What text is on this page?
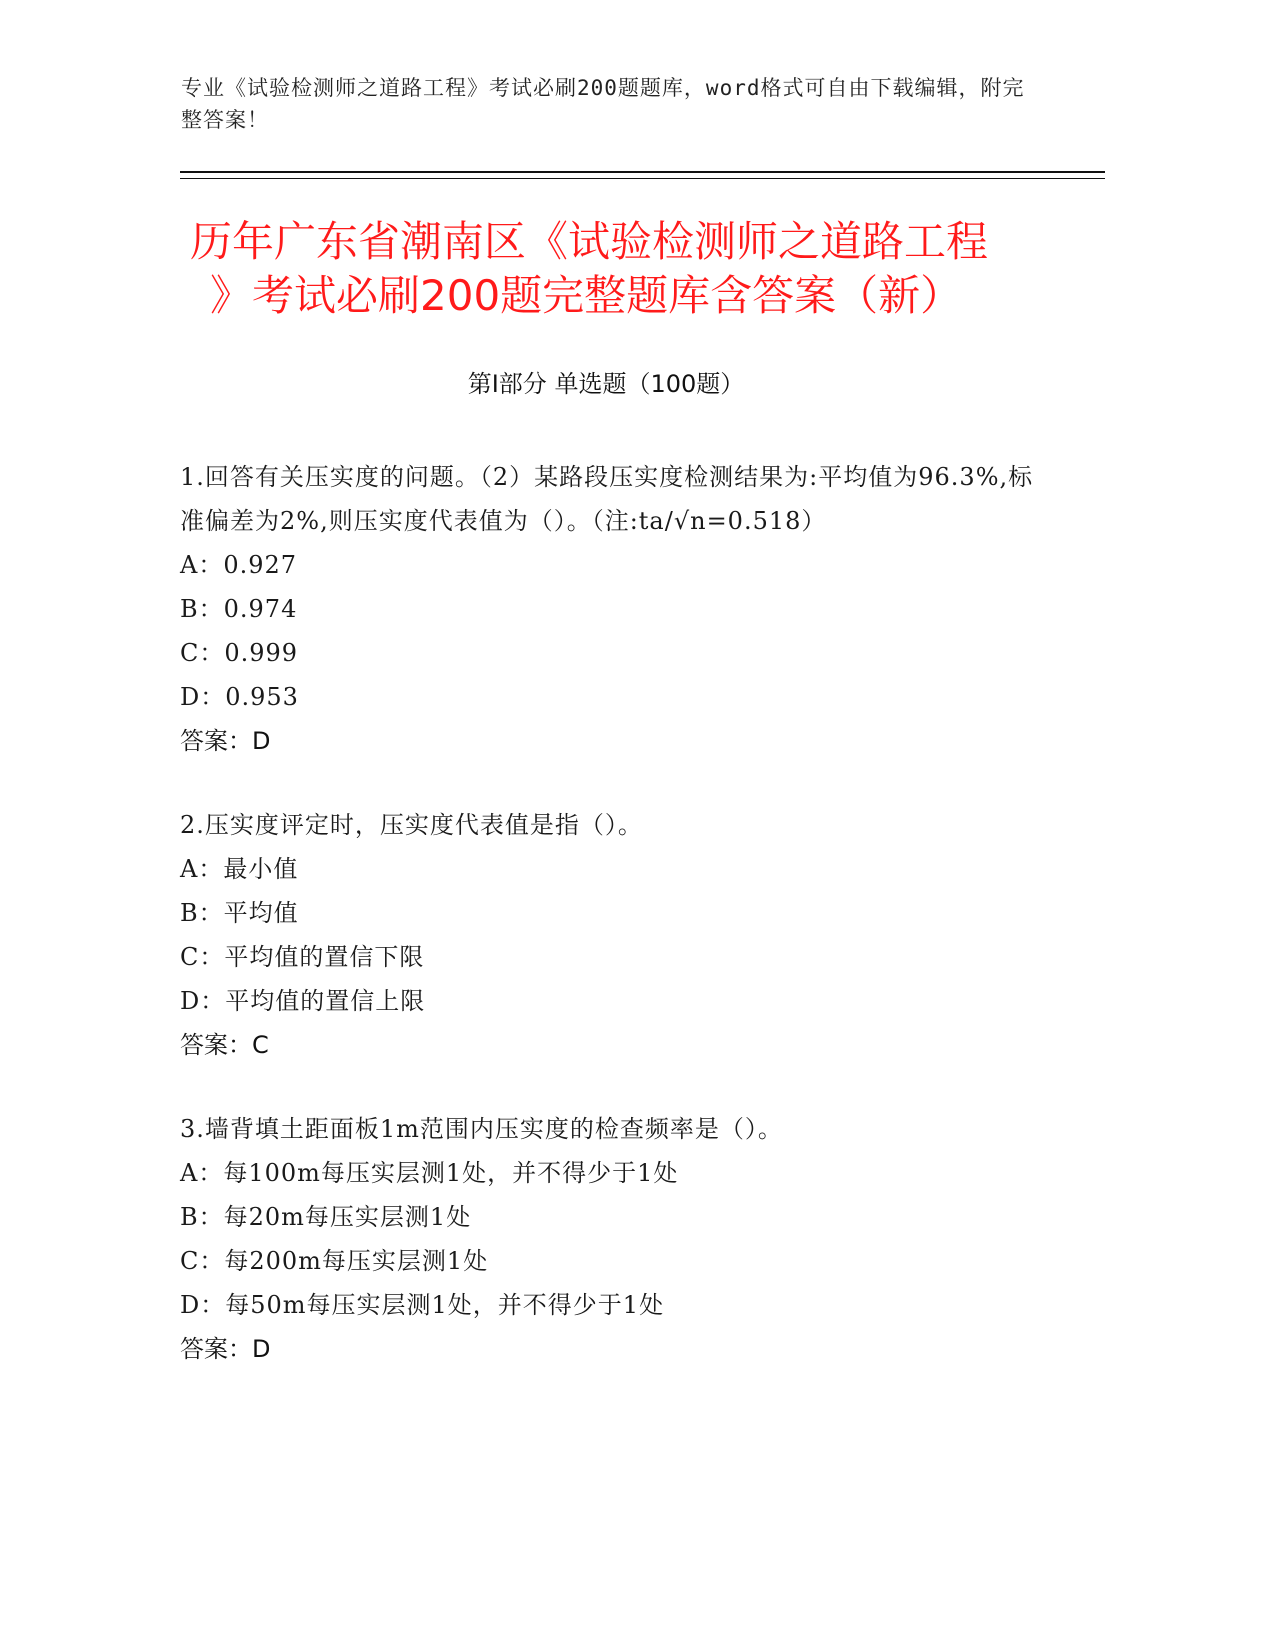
专业《试验检测师之道路工程》考试必刷200题题库，word格式可自由下载编辑，附完整答案！
历年广东省潮南区《试验检测师之道路工程
》考试必刷200题完整题库含答案（新）
第Ⅰ部分 单选题（100题）

1.回答有关压实度的问题。（2）某路段压实度检测结果为:平均值为96.3%,标准偏差为2%,则压实度代表值为（）。（注:ta/√n=0.518）

A：0.927

B：0.974

C：0.999

D：0.953

答案：D

2.压实度评定时，压实度代表值是指（）。

A：最小值

B：平均值

C：平均值的置信下限

D：平均值的置信上限

答案：C

3.墙背填土距面板1m范围内压实度的检查频率是（）。

A：每100m每压实层测1处，并不得少于1处

B：每20m每压实层测1处

C：每200m每压实层测1处

D：每50m每压实层测1处，并不得少于1处

答案：D
